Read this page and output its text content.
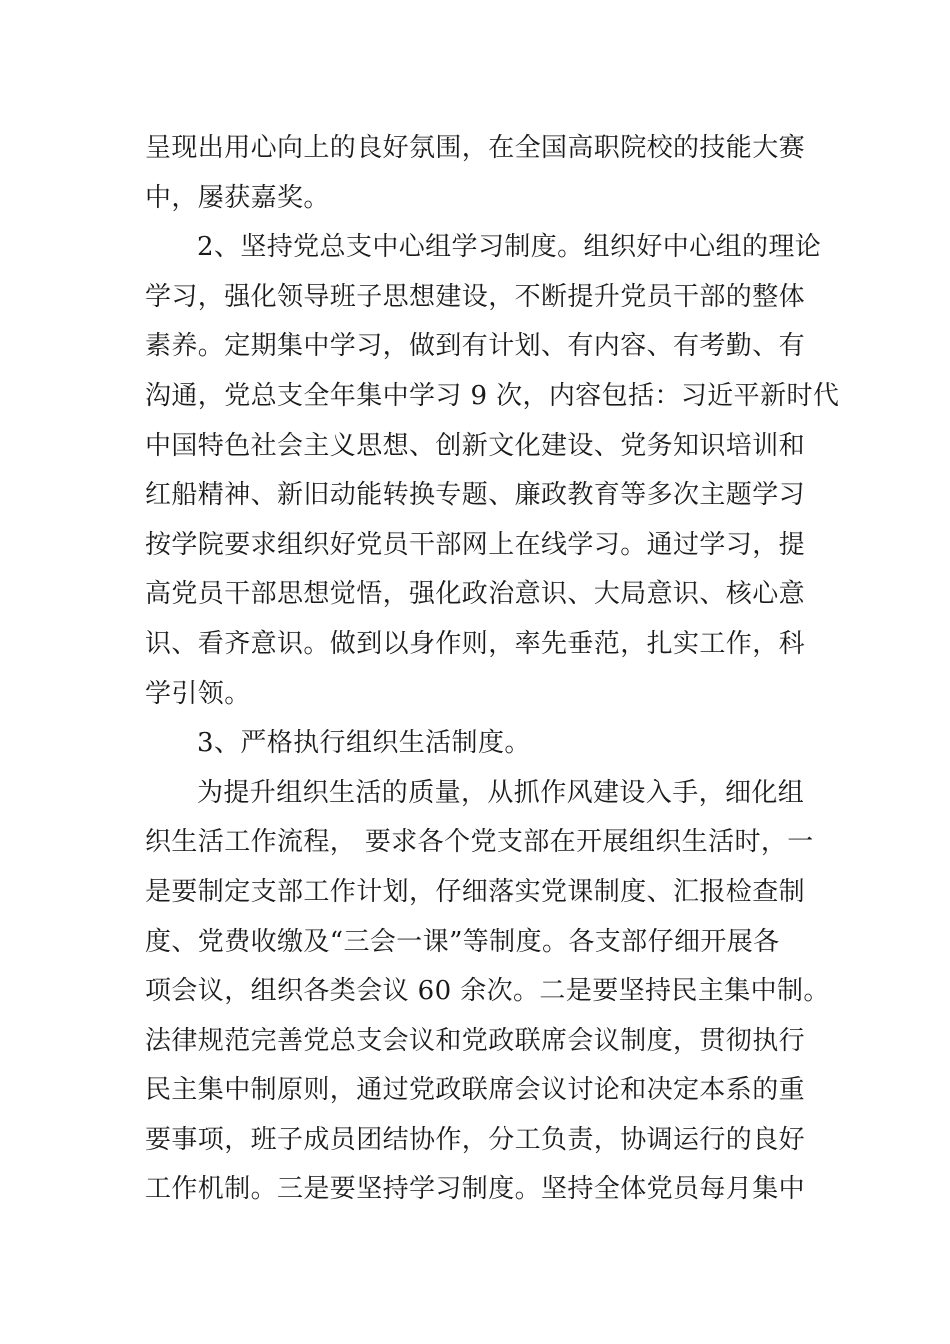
呈现出用心向上的良好氛围，在全国高职院校的技能大赛
中，屡获嘉奖。
2、坚持党总支中心组学习制度。组织好中心组的理论
学习，强化领导班子思想建设，不断提升党员干部的整体
素养。定期集中学习，做到有计划、有内容、有考勤、有
沟通，党总支全年集中学习 9 次，内容包括：习近平新时代
中国特色社会主义思想、创新文化建设、党务知识培训和
红船精神、新旧动能转换专题、廉政教育等多次主题学习
按学院要求组织好党员干部网上在线学习。通过学习，提
高党员干部思想觉悟，强化政治意识、大局意识、核心意
识、看齐意识。做到以身作则，率先垂范，扎实工作，科
学引领。
3、严格执行组织生活制度。
为提升组织生活的质量，从抓作风建设入手，细化组
织生活工作流程， 要求各个党支部在开展组织生活时，一
是要制定支部工作计划，仔细落实党课制度、汇报检查制
度、党费收缴及“三会一课”等制度。各支部仔细开展各
项会议，组织各类会议 60 余次。二是要坚持民主集中制。
法律规范完善党总支会议和党政联席会议制度，贯彻执行
民主集中制原则，通过党政联席会议讨论和决定本系的重
要事项，班子成员团结协作，分工负责，协调运行的良好
工作机制。三是要坚持学习制度。坚持全体党员每月集中
